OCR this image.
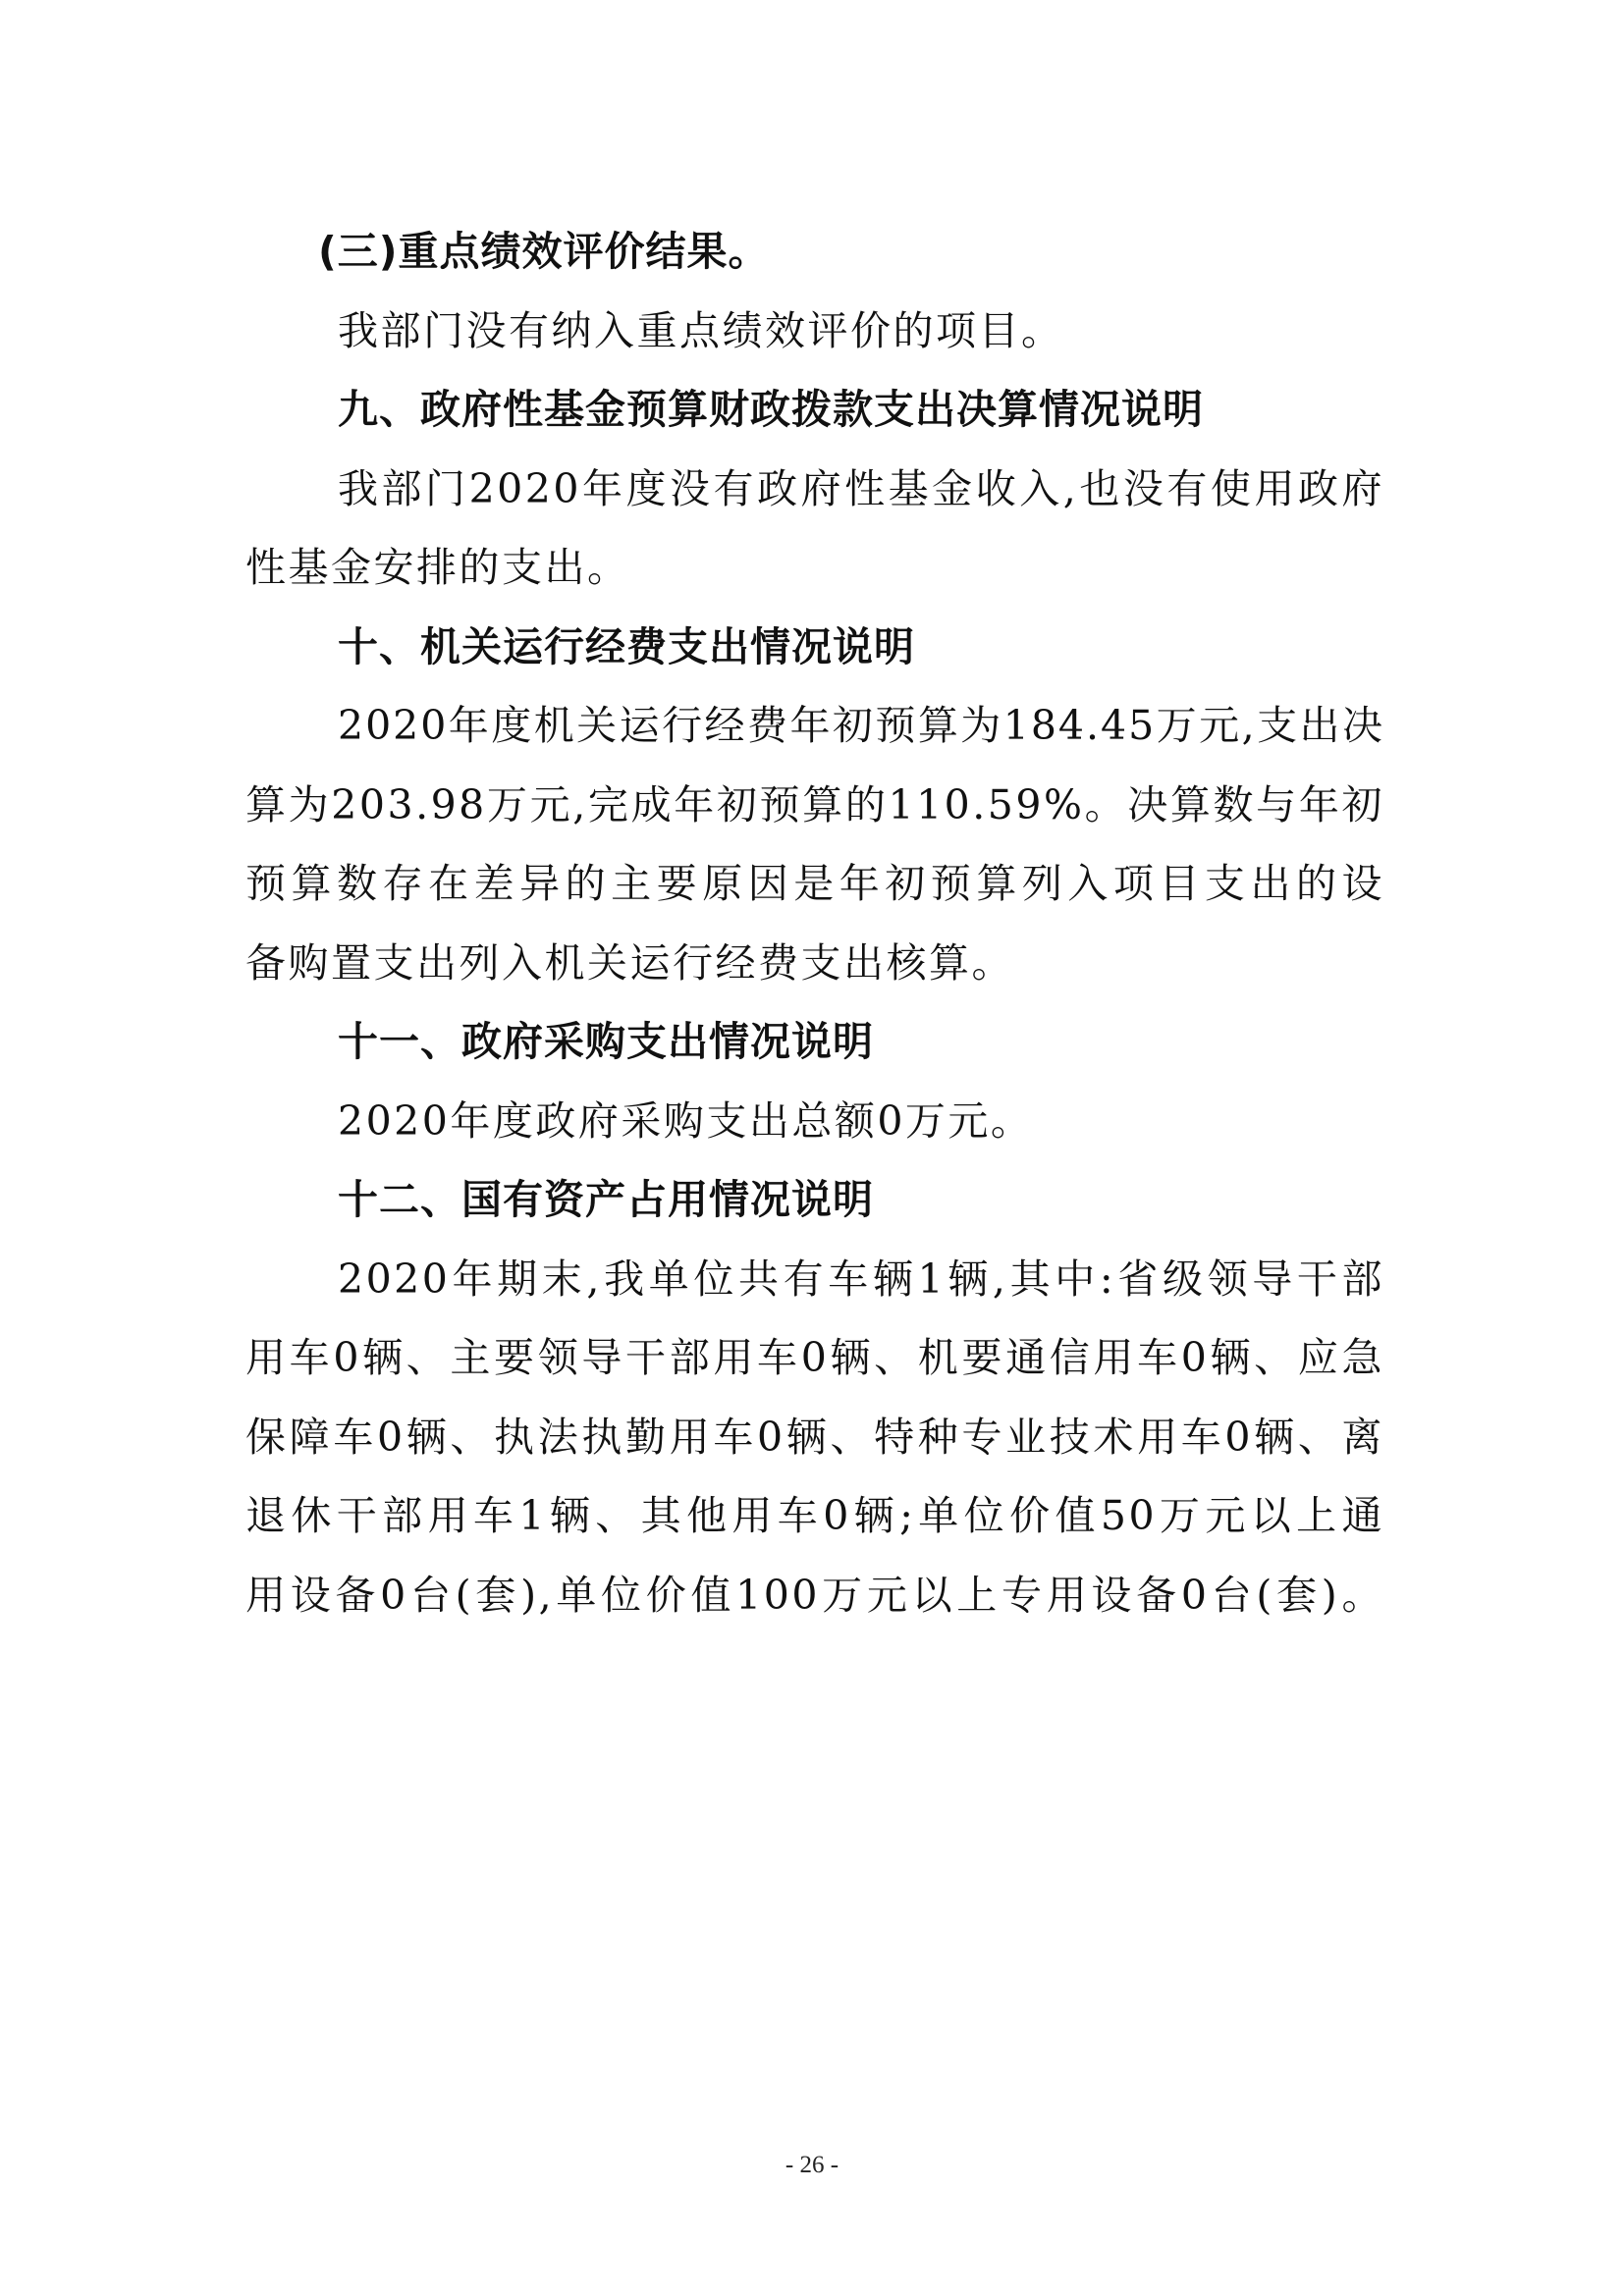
(三)重点绩效评价结果。
我部门没有纳入重点绩效评价的项目。
九、政府性基金预算财政拨款支出决算情况说明
我部门2020年度没有政府性基金收入,也没有使用政府
性基金安排的支出。
十、机关运行经费支出情况说明
2020年度机关运行经费年初预算为184.45万元,支出决
算为203.98万元,完成年初预算的110.59%。决算数与年初
预算数存在差异的主要原因是年初预算列入项目支出的设
备购置支出列入机关运行经费支出核算。
十一、政府采购支出情况说明
2020年度政府采购支出总额0万元。
十二、国有资产占用情况说明
2020年期末,我单位共有车辆1辆,其中:省级领导干部
用车0辆、主要领导干部用车0辆、机要通信用车0辆、应急
保障车0辆、执法执勤用车0辆、特种专业技术用车0辆、离
退休干部用车1辆、其他用车0辆;单位价值50万元以上通
用设备0台(套),单位价值100万元以上专用设备0台(套)。
- 26 -
